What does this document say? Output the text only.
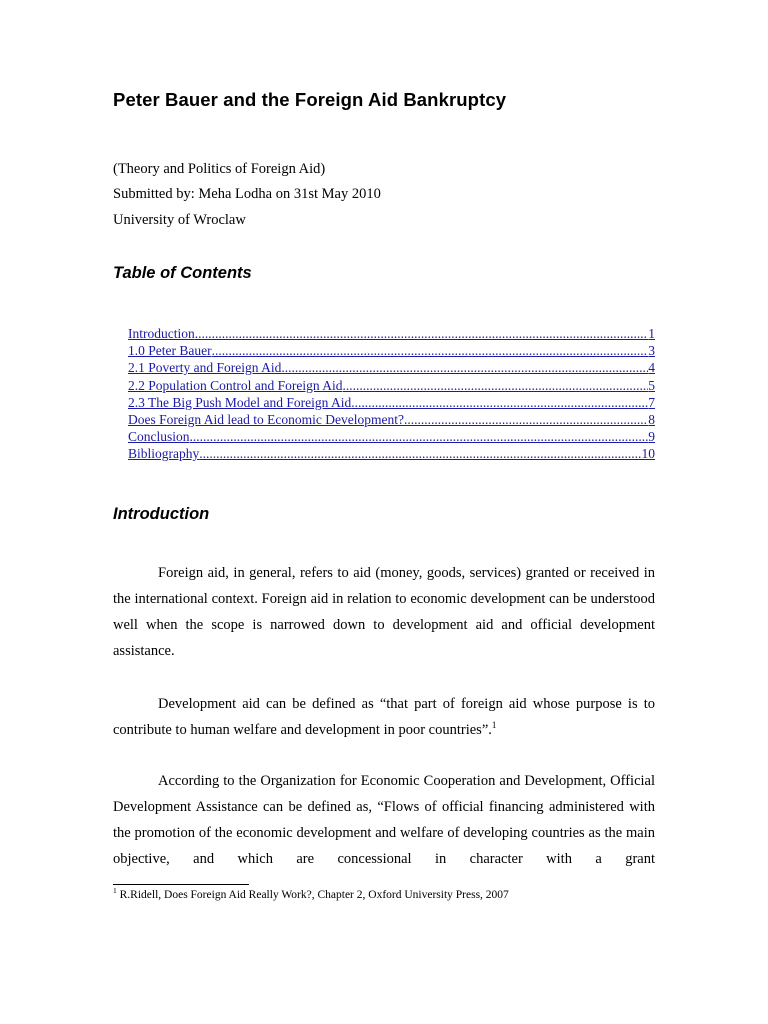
Peter Bauer and the Foreign Aid Bankruptcy
(Theory and Politics of Foreign Aid)
Submitted by: Meha Lodha on 31st May 2010
University of Wroclaw
Table of Contents
Introduction .....	1
1.0 Peter Bauer .....	3
2.1 Poverty and Foreign Aid .....	4
2.2 Population Control and Foreign Aid .....	5
2.3 The Big Push Model and Foreign Aid .....	7
Does Foreign Aid lead to Economic Development? .....	8
Conclusion .....	9
Bibliography .....	10
Introduction

Foreign aid, in general, refers to aid (money, goods, services) granted or received in the international context. Foreign aid in relation to economic development can be understood well when the scope is narrowed down to development aid and official development assistance.

Development aid can be defined as “that part of foreign aid whose purpose is to contribute to human welfare and development in poor countries”.$^1$

According to the Organization for Economic Cooperation and Development, Official Development Assistance can be defined as, “Flows of official financing administered with the promotion of the economic development and welfare of developing countries as the main objective, and which are concessional in character with a grant

$^1$ R.Ridell, Does Foreign Aid Really Work?, Chapter 2, Oxford University Press, 2007
